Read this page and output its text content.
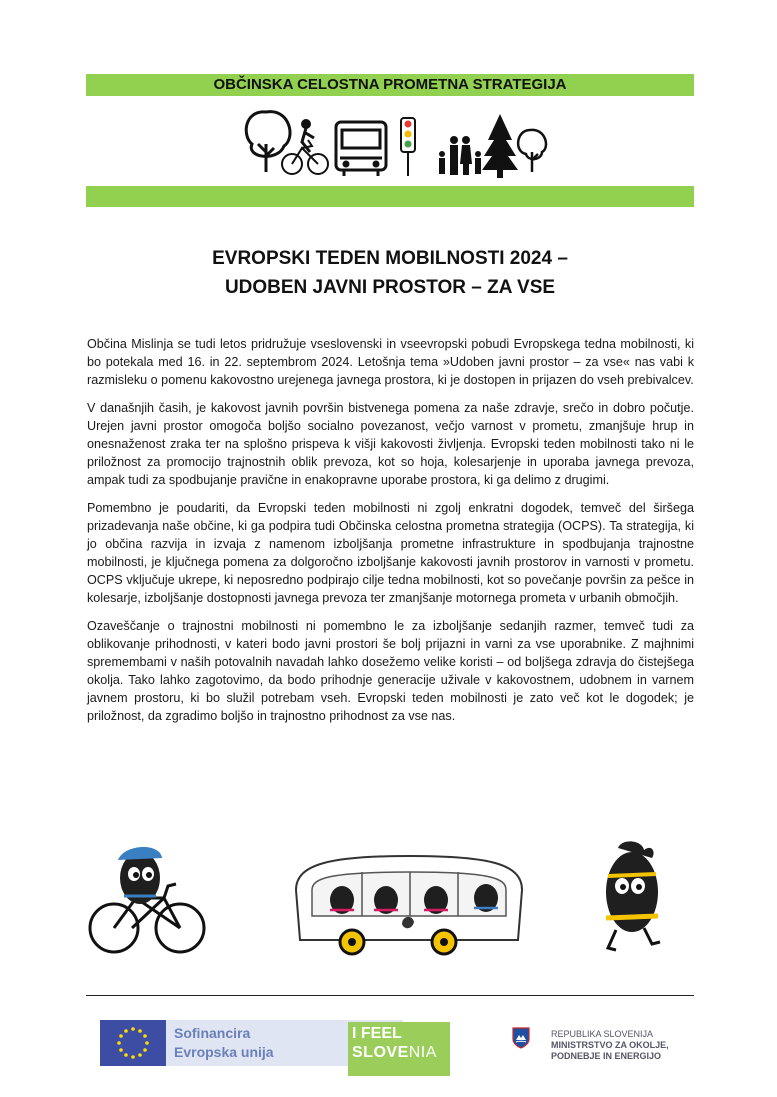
OBČINSKA CELOSTNA PROMETNA STRATEGIJA
EVROPSKI TEDEN MOBILNOSTI 2024 –
UDOBEN JAVNI PROSTOR – ZA VSE

Občina Mislinja se tudi letos pridružuje vseslovenski in vseevropski pobudi Evropskega tedna mobilnosti, ki bo potekala med 16. in 22. septembrom 2024. Letošnja tema »Udoben javni prostor – za vse« nas vabi k razmisleku o pomenu kakovostno urejenega javnega prostora, ki je dostopen in prijazen do vseh prebivalcev.

V današnjih časih, je kakovost javnih površin bistvenega pomena za naše zdravje, srečo in dobro počutje. Urejen javni prostor omogoča boljšo socialno povezanost, večjo varnost v prometu, zmanjšuje hrup in onesnaženost zraka ter na splošno prispeva k višji kakovosti življenja. Evropski teden mobilnosti tako ni le priložnost za promocijo trajnostnih oblik prevoza, kot so hoja, kolesarjenje in uporaba javnega prevoza, ampak tudi za spodbujanje pravične in enakopravne uporabe prostora, ki ga delimo z drugimi.

Pomembno je poudariti, da Evropski teden mobilnosti ni zgolj enkratni dogodek, temveč del širšega prizadevanja naše občine, ki ga podpira tudi Občinska celostna prometna strategija (OCPS). Ta strategija, ki jo občina razvija in izvaja z namenom izboljšanja prometne infrastrukture in spodbujanja trajnostne mobilnosti, je ključnega pomena za dolgoročno izboljšanje kakovosti javnih prostorov in varnosti v prometu. OCPS vključuje ukrepe, ki neposredno podpirajo cilje tedna mobilnosti, kot so povečanje površin za pešce in kolesarje, izboljšanje dostopnosti javnega prevoza ter zmanjšanje motornega prometa v urbanih območjih.

Ozaveščanje o trajnostni mobilnosti ni pomembno le za izboljšanje sedanjih razmer, temveč tudi za oblikovanje prihodnosti, v kateri bodo javni prostori še bolj prijazni in varni za vse uporabnike. Z majhnimi spremembami v naših potovalnih navadah lahko dosežemo velike koristi – od boljšega zdravja do čistejšega okolja. Tako lahko zagotovimo, da bodo prihodnje generacije uživale v kakovostnem, udobnem in varnem javnem prostoru, ki bo služil potrebam vseh. Evropski teden mobilnosti je zato več kot le dogodek; je priložnost, da zgradimo boljšo in trajnostno prihodnost za vse nas.

Sofinancira
Evropska unija
I FEEL
SLOVENIA
REPUBLIKA SLOVENIJA
MINISTRSTVO ZA OKOLJE,
PODNEBJE IN ENERGIJO
